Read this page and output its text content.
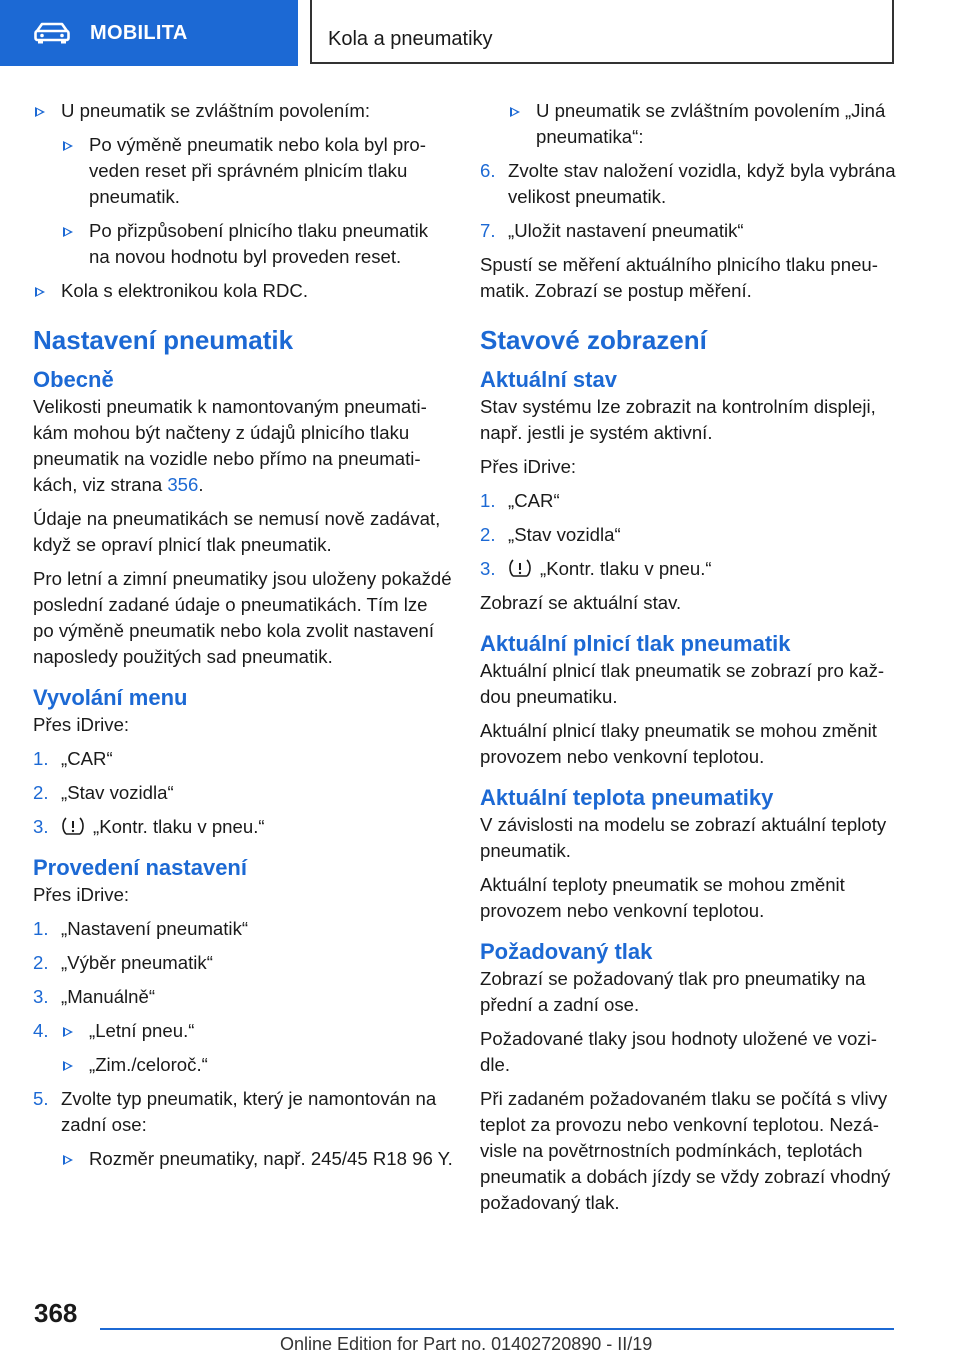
MOBILITA	Kola a pneumatiky
U pneumatik se zvláštním povolením:
Po výměně pneumatik nebo kola byl proveden reset při správném plnicím tlaku pneumatik.
Po přizpůsobení plnicího tlaku pneumatik na novou hodnotu byl proveden reset.
Kola s elektronikou kola RDC.
Nastavení pneumatik
Obecně

Velikosti pneumatik k namontovaným pneumatikám mohou být načteny z údajů plnicího tlaku pneumatik na vozidle nebo přímo na pneumatikách, viz strana 356.

Údaje na pneumatikách se nemusí nově zadávat, když se opraví plnicí tlak pneumatik.

Pro letní a zimní pneumatiky jsou uloženy pokaždé poslední zadané údaje o pneumatikách. Tím lze po výměně pneumatik nebo kola zvolit nastavení naposledy použitých sad pneumatik.

Vyvolání menu

Přes iDrive:

1. „CAR“
2. „Stav vozidla“
3. „Kontr. tlaku v pneu.“
Provedení nastavení

Přes iDrive:

1. „Nastavení pneumatik“
2. „Výběr pneumatik“
3. „Manuálně“
4.	„Letní pneu.“
„Zim./celoroč.“
5. Zvolte typ pneumatik, který je namontován na zadní ose:
Rozměr pneumatiky, např. 245/45 R18 96 Y.
U pneumatik se zvláštním povolením „Jiná pneumatika“:
6. Zvolte stav naložení vozidla, když byla vybrána velikost pneumatik.
7. „Uložit nastavení pneumatik“

Spustí se měření aktuálního plnicího tlaku pneumatik. Zobrazí se postup měření.

Stavové zobrazení
Aktuální stav

Stav systému lze zobrazit na kontrolním displeji, např. jestli je systém aktivní.

Přes iDrive:

1. „CAR“
2. „Stav vozidla“
3. „Kontr. tlaku v pneu.“

Zobrazí se aktuální stav.

Aktuální plnicí tlak pneumatik

Aktuální plnicí tlak pneumatik se zobrazí pro každou pneumatiku.

Aktuální plnicí tlaky pneumatik se mohou změnit provozem nebo venkovní teplotou.

Aktuální teplota pneumatiky

V závislosti na modelu se zobrazí aktuální teploty pneumatik.

Aktuální teploty pneumatik se mohou změnit provozem nebo venkovní teplotou.

Požadovaný tlak

Zobrazí se požadovaný tlak pro pneumatiky na přední a zadní ose.

Požadované tlaky jsou hodnoty uložené ve vozidle.

Při zadaném požadovaném tlaku se počítá s vlivy teplot za provozu nebo venkovní teplotou. Nezávisle na povětrnostních podmínkách, teplotách pneumatik a dobách jízdy se vždy zobrazí vhodný požadovaný tlak.

368
Online Edition for Part no. 01402720890 - II/19
